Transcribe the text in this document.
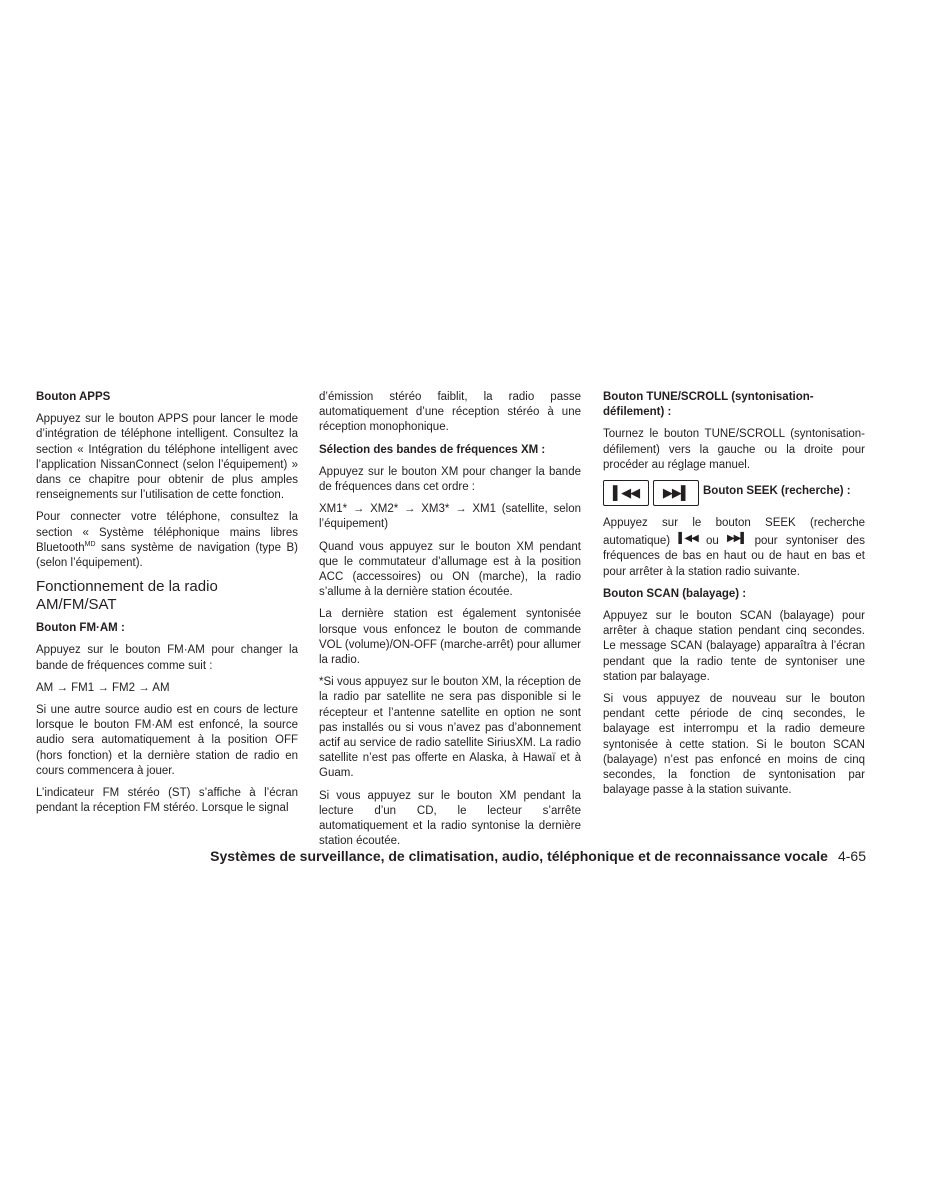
Bouton APPS

Appuyez sur le bouton APPS pour lancer le mode d’intégration de téléphone intelligent. Consultez la section « Intégration du téléphone intelligent avec l’application NissanConnect (selon l’équipement) » dans ce chapitre pour obtenir de plus amples renseignements sur l’utilisation de cette fonction.

Pour connecter votre téléphone, consultez la section « Système téléphonique mains libres Bluetooth$^{MD}$ sans système de navigation (type B) (selon l’équipement).

Fonctionnement de la radio AM/FM/SAT
Bouton FM·AM :

Appuyez sur le bouton FM·AM pour changer la bande de fréquences comme suit :

AM → FM1 → FM2 → AM

Si une autre source audio est en cours de lecture lorsque le bouton FM·AM est enfoncé, la source audio sera automatiquement à la position OFF (hors fonction) et la dernière station de radio en cours commencera à jouer.

L’indicateur FM stéréo (ST) s’affiche à l’écran pendant la réception FM stéréo. Lorsque le signal

d’émission stéréo faiblit, la radio passe automatiquement d’une réception stéréo à une réception monophonique.

Sélection des bandes de fréquences XM :

Appuyez sur le bouton XM pour changer la bande de fréquences dans cet ordre :

XM1* → XM2* → XM3* → XM1 (satellite, selon l’équipement)

Quand vous appuyez sur le bouton XM pendant que le commutateur d’allumage est à la position ACC (accessoires) ou ON (marche), la radio s’allume à la dernière station écoutée.

La dernière station est également syntonisée lorsque vous enfoncez le bouton de commande VOL (volume)/ON-OFF (marche-arrêt) pour allumer la radio.

*Si vous appuyez sur le bouton XM, la réception de la radio par satellite ne sera pas disponible si le récepteur et l’antenne satellite en option ne sont pas installés ou si vous n’avez pas d’abonnement actif au service de radio satellite SiriusXM. La radio satellite n’est pas offerte en Alaska, à Hawaï et à Guam.

Si vous appuyez sur le bouton XM pendant la lecture d’un CD, le lecteur s’arrête automatiquement et la radio syntonise la dernière station écoutée.

Bouton TUNE/SCROLL (syntonisation-défilement) :

Tournez le bouton TUNE/SCROLL (syntonisation-défilement) vers la gauche ou la droite pour procéder au réglage manuel.

▌◀◀	▶▶▌	Bouton SEEK (recherche) :

Appuyez sur le bouton SEEK (recherche automatique) ▌◀◀ ou ▶▶▌ pour syntoniser des fréquences de bas en haut ou de haut en bas et pour arrêter à la station radio suivante.

Bouton SCAN (balayage) :

Appuyez sur le bouton SCAN (balayage) pour arrêter à chaque station pendant cinq secondes. Le message SCAN (balayage) apparaîtra à l’écran pendant que la radio tente de syntoniser une station par balayage.

Si vous appuyez de nouveau sur le bouton pendant cette période de cinq secondes, le balayage est interrompu et la radio demeure syntonisée à cette station. Si le bouton SCAN (balayage) n’est pas enfoncé en moins de cinq secondes, la fonction de syntonisation par balayage passe à la station suivante.

Systèmes de surveillance, de climatisation, audio, téléphonique et de reconnaissance vocale 4-65
